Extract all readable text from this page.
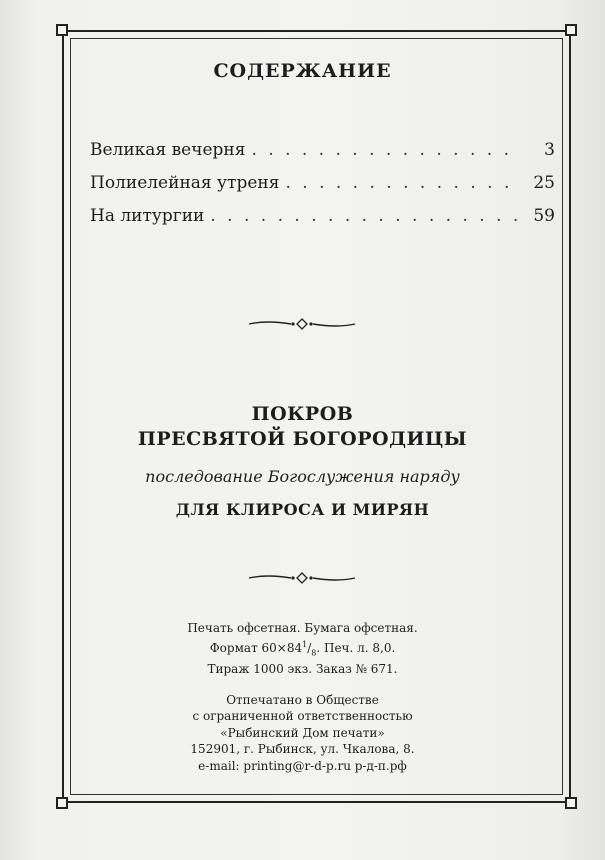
СОДЕРЖАНИЕ
Великая вечерня . . .	3
Полиелейная утреня . . .	25
На литургии . . .	59
ПОКРОВ
ПРЕСВЯТОЙ БОГОРОДИЦЫ
последование Богослужения наряду
ДЛЯ КЛИРОСА И МИРЯН
Печать офсетная. Бумага офсетная.
Формат $60\times 84^1/_8$. Печ. л. 8,0.
Тираж 1000 экз. Заказ № 671.
Отпечатано в Обществе
с ограниченной ответственностью
«Рыбинский Дом печати»
152901, г. Рыбинск, ул. Чкалова, 8.
e-mail: printing@r-d-p.ru р-д-п.рф
